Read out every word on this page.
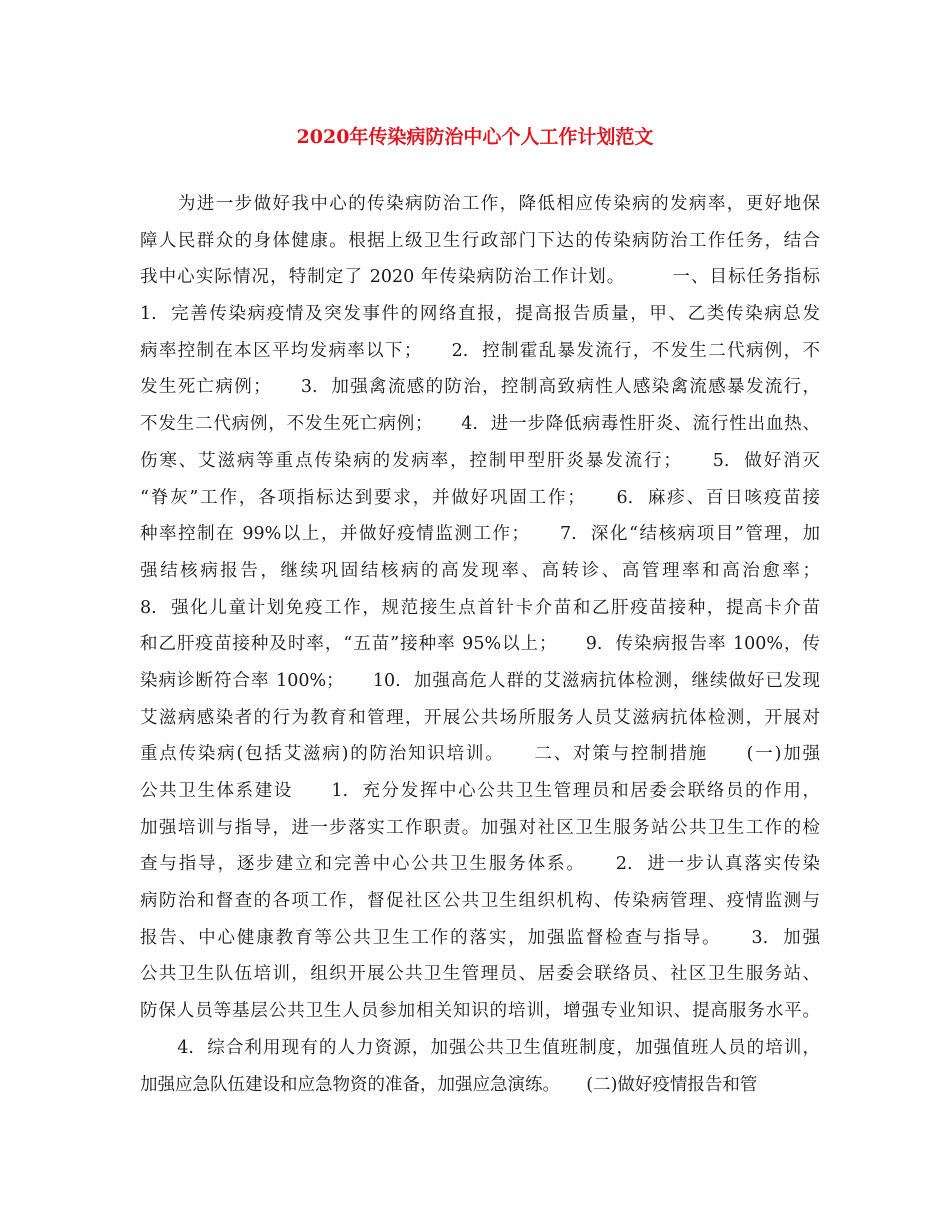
2020年传染病防治中心个人工作计划范文
　　为进一步做好我中心的传染病防治工作，降低相应传染病的发病率，更好地保
障人民群众的身体健康。根据上级卫生行政部门下达的传染病防治工作任务，结合
我中心实际情况，特制定了 2020 年传染病防治工作计划。　　　一、目标任务指标
1.  完善传染病疫情及突发事件的网络直报，提高报告质量，甲、乙类传染病总发
病率控制在本区平均发病率以下；　　2.  控制霍乱暴发流行，不发生二代病例，不
发生死亡病例；　　3.  加强禽流感的防治，控制高致病性人感染禽流感暴发流行，
不发生二代病例，不发生死亡病例；　　4.  进一步降低病毒性肝炎、流行性出血热、
伤寒、艾滋病等重点传染病的发病率，控制甲型肝炎暴发流行；　　5.  做好消灭
“脊灰”工作，各项指标达到要求，并做好巩固工作；　　6.  麻疹、百日咳疫苗接
种率控制在 99%以上，并做好疫情监测工作；　　7.  深化“结核病项目”管理，加
强结核病报告，继续巩固结核病的高发现率、高转诊、高管理率和高治愈率；
8.  强化儿童计划免疫工作，规范接生点首针卡介苗和乙肝疫苗接种，提高卡介苗
和乙肝疫苗接种及时率，“五苗”接种率 95%以上；　　9.  传染病报告率 100%，传
染病诊断符合率 100%；　　10.  加强高危人群的艾滋病抗体检测，继续做好已发现
艾滋病感染者的行为教育和管理，开展公共场所服务人员艾滋病抗体检测，开展对
重点传染病(包括艾滋病)的防治知识培训。　　二、对策与控制措施　　(一)加强
公共卫生体系建设　　1.  充分发挥中心公共卫生管理员和居委会联络员的作用，
加强培训与指导，进一步落实工作职责。加强对社区卫生服务站公共卫生工作的检
查与指导，逐步建立和完善中心公共卫生服务体系。　　2.  进一步认真落实传染
病防治和督查的各项工作，督促社区公共卫生组织机构、传染病管理、疫情监测与
报告、中心健康教育等公共卫生工作的落实，加强监督检查与指导。　　3.  加强
公共卫生队伍培训，组织开展公共卫生管理员、居委会联络员、社区卫生服务站、
防保人员等基层公共卫生人员参加相关知识的培训，增强专业知识、提高服务水平。
　　4.  综合利用现有的人力资源，加强公共卫生值班制度，加强值班人员的培训，
加强应急队伍建设和应急物资的准备，加强应急演练。　　(二)做好疫情报告和管
